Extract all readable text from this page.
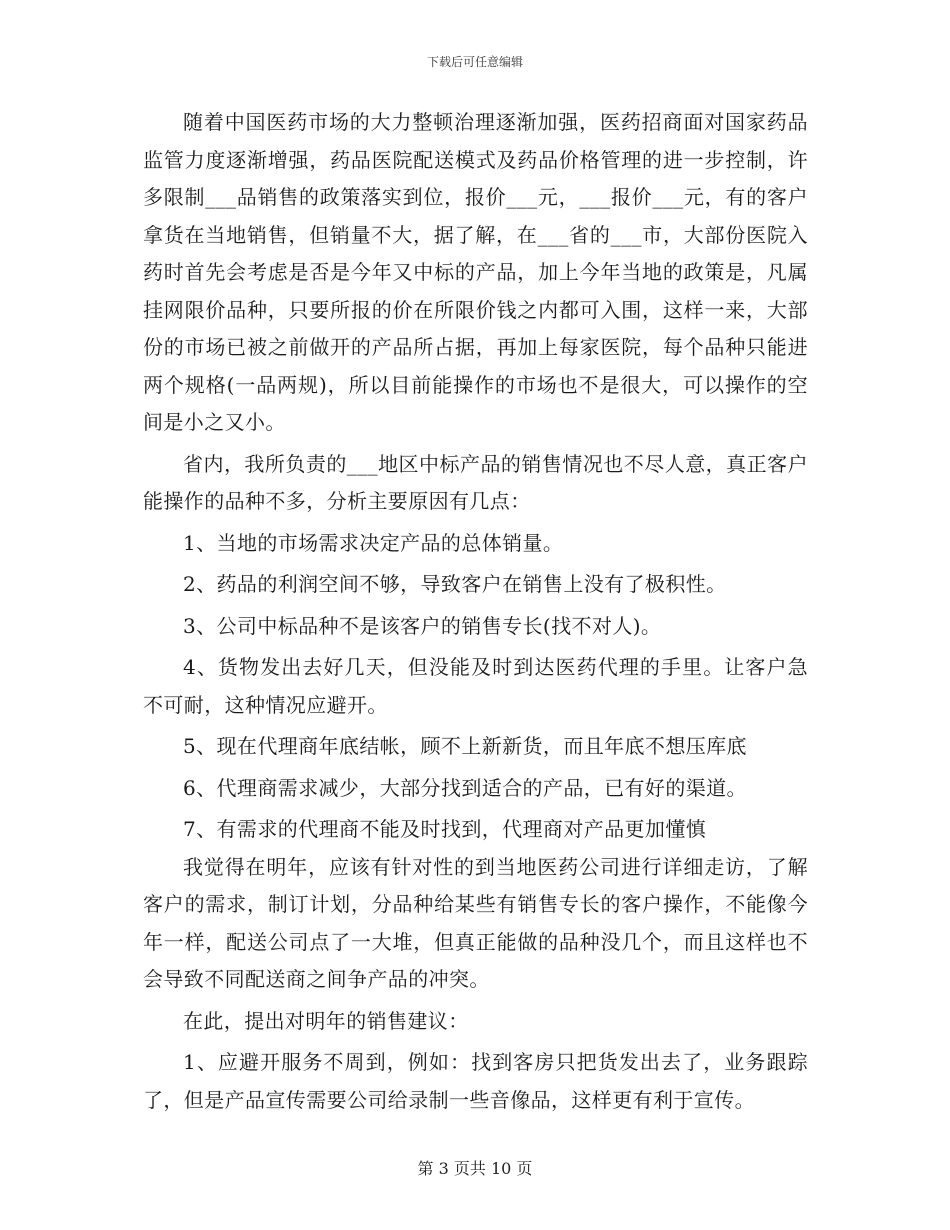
下载后可任意编辑

随着中国医药市场的大力整顿治理逐渐加强，医药招商面对国家药品监管力度逐渐增强，药品医院配送模式及药品价格管理的进一步控制，许多限制___品销售的政策落实到位，报价___元，___报价___元，有的客户拿货在当地销售，但销量不大，据了解，在___省的___市，大部份医院入药时首先会考虑是否是今年又中标的产品，加上今年当地的政策是，凡属挂网限价品种，只要所报的价在所限价钱之内都可入围，这样一来，大部份的市场已被之前做开的产品所占据，再加上每家医院，每个品种只能进两个规格(一品两规)，所以目前能操作的市场也不是很大，可以操作的空间是小之又小。

省内，我所负责的___地区中标产品的销售情况也不尽人意，真正客户能操作的品种不多，分析主要原因有几点：

1、当地的市场需求决定产品的总体销量。

2、药品的利润空间不够，导致客户在销售上没有了极积性。

3、公司中标品种不是该客户的销售专长(找不对人)。

4、货物发出去好几天，但没能及时到达医药代理的手里。让客户急不可耐，这种情况应避开。

5、现在代理商年底结帐，顾不上新新货，而且年底不想压库底

6、代理商需求减少，大部分找到适合的产品，已有好的渠道。

7、有需求的代理商不能及时找到，代理商对产品更加懂慎

我觉得在明年，应该有针对性的到当地医药公司进行详细走访，了解客户的需求，制订计划，分品种给某些有销售专长的客户操作，不能像今年一样，配送公司点了一大堆，但真正能做的品种没几个，而且这样也不会导致不同配送商之间争产品的冲突。

在此，提出对明年的销售建议：

1、应避开服务不周到，例如：找到客房只把货发出去了，业务跟踪了，但是产品宣传需要公司给录制一些音像品，这样更有利于宣传。

第 3 页共 10 页
